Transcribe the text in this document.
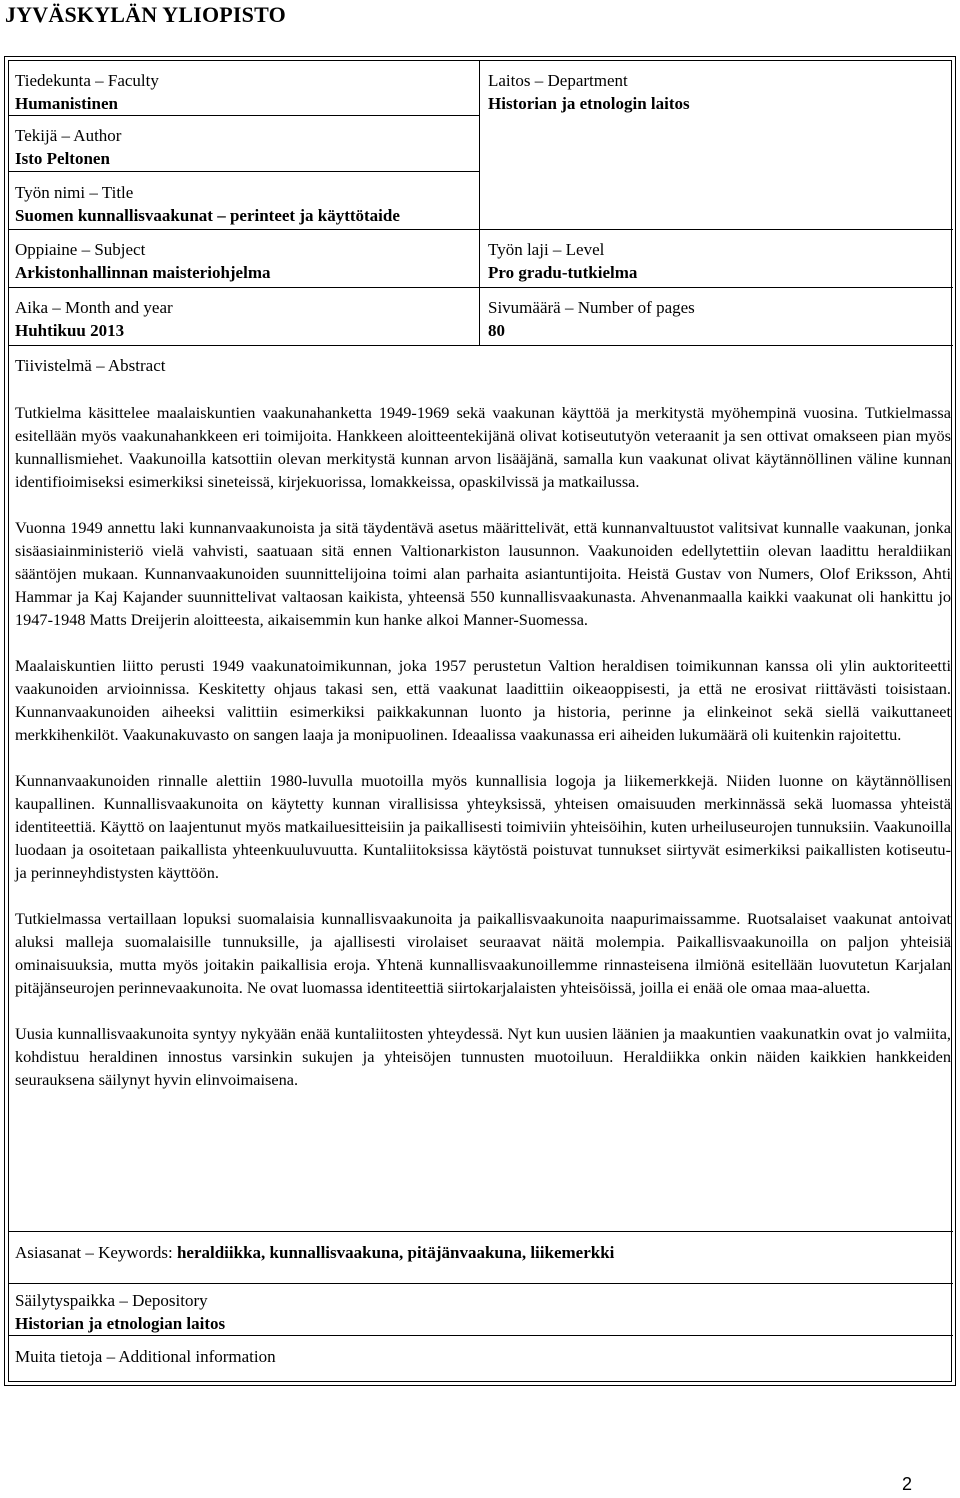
JYVÄSKYLÄN YLIOPISTO
Tiedekunta – Faculty
Humanistinen
Laitos – Department
Historian ja etnologin laitos
Tekijä – Author
Isto Peltonen
Työn nimi – Title
Suomen kunnallisvaakunat – perinteet ja käyttötaide
Oppiaine – Subject
Arkistonhallinnan maisteriohjelma
Työn laji – Level
Pro gradu-tutkielma
Aika – Month and year
Huhtikuu 2013
Sivumäärä – Number of pages
80
Tiivistelmä – Abstract

Tutkielma käsittelee maalaiskuntien vaakunahanketta 1949-1969 sekä vaakunan käyttöä ja merkitystä myöhempinä vuosina. Tutkielmassa esitellään myös vaakunahankkeen eri toimijoita. Hankkeen aloitteentekijänä olivat kotiseututyön veteraanit ja sen ottivat omakseen pian myös kunnallismiehet. Vaakunoilla katsottiin olevan merkitystä kunnan arvon lisääjänä, samalla kun vaakunat olivat käytännöllinen väline kunnan identifioimiseksi esimerkiksi sineteissä, kirjekuorissa, lomakkeissa, opaskilvissä ja matkailussa.

Vuonna 1949 annettu laki kunnanvaakunoista ja sitä täydentävä asetus määrittelivät, että kunnanvaltuustot valitsivat kunnalle vaakunan, jonka sisäasiainministeriö vielä vahvisti, saatuaan sitä ennen Valtionarkiston lausunnon. Vaakunoiden edellytettiin olevan laadittu heraldiikan sääntöjen mukaan. Kunnanvaakunoiden suunnittelijoina toimi alan parhaita asiantuntijoita. Heistä Gustav von Numers, Olof Eriksson, Ahti Hammar ja Kaj Kajander suunnittelivat valtaosan kaikista, yhteensä 550 kunnallisvaakunasta. Ahvenanmaalla kaikki vaakunat oli hankittu jo 1947-1948 Matts Dreijerin aloitteesta, aikaisemmin kun hanke alkoi Manner-Suomessa.

Maalaiskuntien liitto perusti 1949 vaakunatoimikunnan, joka 1957 perustetun Valtion heraldisen toimikunnan kanssa oli ylin auktoriteetti vaakunoiden arvioinnissa. Keskitetty ohjaus takasi sen, että vaakunat laadittiin oikeaoppisesti, ja että ne erosivat riittävästi toisistaan. Kunnanvaakunoiden aiheeksi valittiin esimerkiksi paikkakunnan luonto ja historia, perinne ja elinkeinot sekä siellä vaikuttaneet merkkihenkilöt. Vaakunakuvasto on sangen laaja ja monipuolinen. Ideaalissa vaakunassa eri aiheiden lukumäärä oli kuitenkin rajoitettu.

Kunnanvaakunoiden rinnalle alettiin 1980-luvulla muotoilla myös kunnallisia logoja ja liikemerkkejä. Niiden luonne on käytännöllisen kaupallinen. Kunnallisvaakunoita on käytetty kunnan virallisissa yhteyksissä, yhteisen omaisuuden merkinnässä sekä luomassa yhteistä identiteettiä. Käyttö on laajentunut myös matkailuesitteisiin ja paikallisesti toimiviin yhteisöihin, kuten urheiluseurojen tunnuksiin. Vaakunoilla luodaan ja osoitetaan paikallista yhteenkuuluvuutta. Kuntaliitoksissa käytöstä poistuvat tunnukset siirtyvät esimerkiksi paikallisten kotiseutu- ja perinneyhdistysten käyttöön.

Tutkielmassa vertaillaan lopuksi suomalaisia kunnallisvaakunoita ja paikallisvaakunoita naapurimaissamme. Ruotsalaiset vaakunat antoivat aluksi malleja suomalaisille tunnuksille, ja ajallisesti virolaiset seuraavat näitä molempia. Paikallisvaakunoilla on paljon yhteisiä ominaisuuksia, mutta myös joitakin paikallisia eroja. Yhtenä kunnallisvaakunoillemme rinnasteisena ilmiönä esitellään luovutetun Karjalan pitäjänseurojen perinnevaakunoita. Ne ovat luomassa identiteettiä siirtokarjalaisten yhteisöissä, joilla ei enää ole omaa maa-aluetta.

Uusia kunnallisvaakunoita syntyy nykyään enää kuntaliitosten yhteydessä. Nyt kun uusien läänien ja maakuntien vaakunatkin ovat jo valmiita, kohdistuu heraldinen innostus varsinkin sukujen ja yhteisöjen tunnusten muotoiluun. Heraldiikka onkin näiden kaikkien hankkeiden seurauksena säilynyt hyvin elinvoimaisena.

Asiasanat – Keywords: heraldiikka, kunnallisvaakuna, pitäjänvaakuna, liikemerkki
Säilytyspaikka – Depository
Historian ja etnologian laitos
Muita tietoja – Additional information
2
